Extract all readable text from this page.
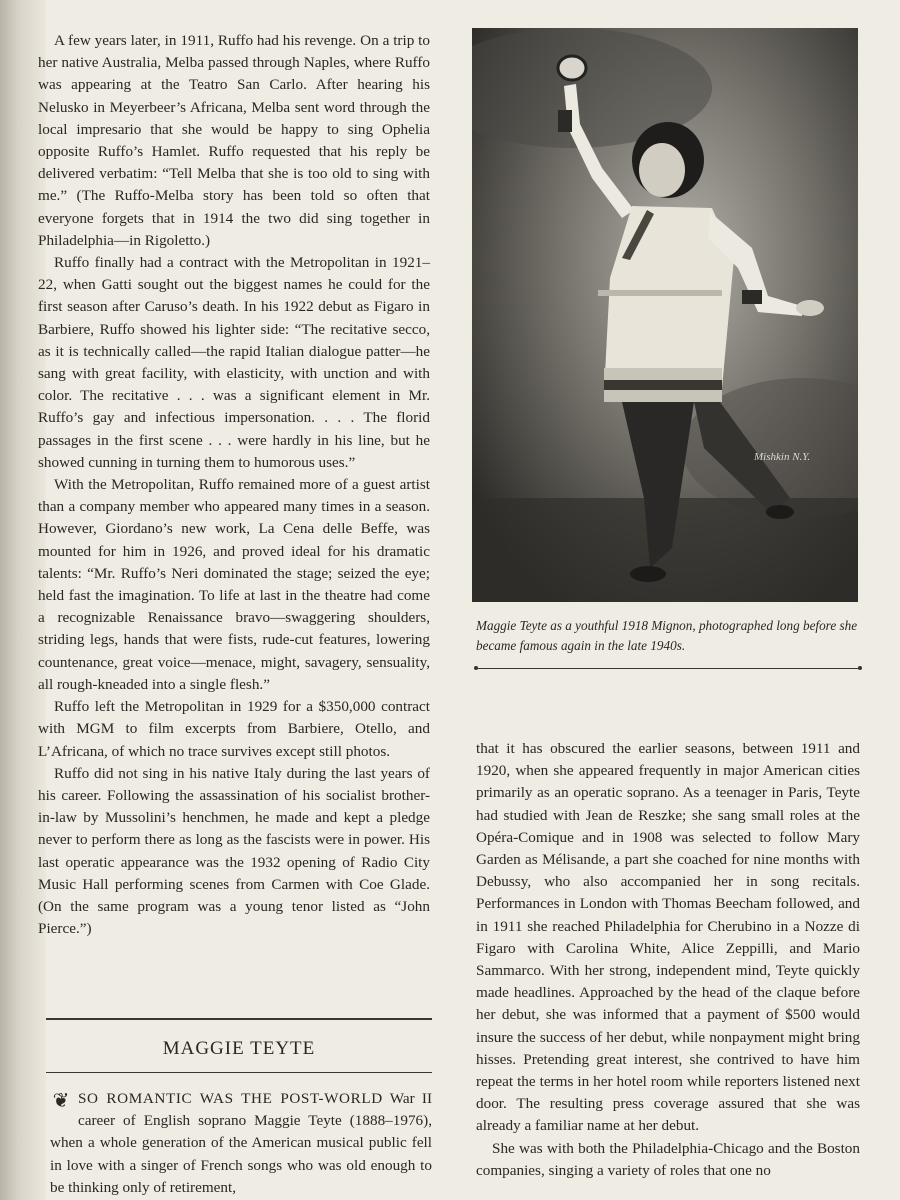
A few years later, in 1911, Ruffo had his revenge. On a trip to her native Australia, Melba passed through Naples, where Ruffo was appearing at the Teatro San Carlo. After hearing his Nelusko in Meyerbeer’s Africana, Melba sent word through the local impresario that she would be happy to sing Ophelia opposite Ruffo’s Hamlet. Ruffo requested that his reply be delivered verbatim: “Tell Melba that she is too old to sing with me.” (The Ruffo-Melba story has been told so often that everyone forgets that in 1914 the two did sing together in Philadelphia—in Rigoletto.)

Ruffo finally had a contract with the Metropolitan in 1921–22, when Gatti sought out the biggest names he could for the first season after Caruso’s death. In his 1922 debut as Figaro in Barbiere, Ruffo showed his lighter side: “The recitative secco, as it is technically called—the rapid Italian dialogue patter—he sang with great facility, with elasticity, with unction and with color. The recitative . . . was a significant element in Mr. Ruffo’s gay and infectious impersonation. . . . The florid passages in the first scene . . . were hardly in his line, but he showed cunning in turning them to humorous uses.”

With the Metropolitan, Ruffo remained more of a guest artist than a company member who appeared many times in a season. However, Giordano’s new work, La Cena delle Beffe, was mounted for him in 1926, and proved ideal for his dramatic talents: “Mr. Ruffo’s Neri dominated the stage; seized the eye; held fast the imagination. To life at last in the theatre had come a recognizable Renaissance bravo—swaggering shoulders, striding legs, hands that were fists, rude-cut features, lowering countenance, great voice—menace, might, savagery, sensuality, all rough-kneaded into a single flesh.”

Ruffo left the Metropolitan in 1929 for a $350,000 contract with MGM to film excerpts from Barbiere, Otello, and L’Africana, of which no trace survives except still photos.

Ruffo did not sing in his native Italy during the last years of his career. Following the assassination of his socialist brother-in-law by Mussolini’s henchmen, he made and kept a pledge never to perform there as long as the fascists were in power. His last operatic appearance was the 1932 opening of Radio City Music Hall performing scenes from Carmen with Coe Glade. (On the same program was a young tenor listed as “John Pierce.”)

MAGGIE TEYTE
❦ SO ROMANTIC WAS THE POST-WORLD War II career of English soprano Maggie Teyte (1888–1976), when a whole generation of the American musical public fell in love with a singer of French songs who was old enough to be thinking only of retirement,
Mishkin N.Y.
Maggie Teyte as a youthful 1918 Mignon, photographed long before she became famous again in the late 1940s.

that it has obscured the earlier seasons, between 1911 and 1920, when she appeared frequently in major American cities primarily as an operatic soprano. As a teenager in Paris, Teyte had studied with Jean de Reszke; she sang small roles at the Opéra-Comique and in 1908 was selected to follow Mary Garden as Mélisande, a part she coached for nine months with Debussy, who also accompanied her in song recitals. Performances in London with Thomas Beecham followed, and in 1911 she reached Philadelphia for Cherubino in a Nozze di Figaro with Carolina White, Alice Zeppilli, and Mario Sammarco. With her strong, independent mind, Teyte quickly made headlines. Approached by the head of the claque before her debut, she was informed that a payment of $500 would insure the success of her debut, while nonpayment might bring hisses. Pretending great interest, she contrived to have him repeat the terms in her hotel room while reporters listened next door. The resulting press coverage assured that she was already a familiar name at her debut.

She was with both the Philadelphia-Chicago and the Boston companies, singing a variety of roles that one no
